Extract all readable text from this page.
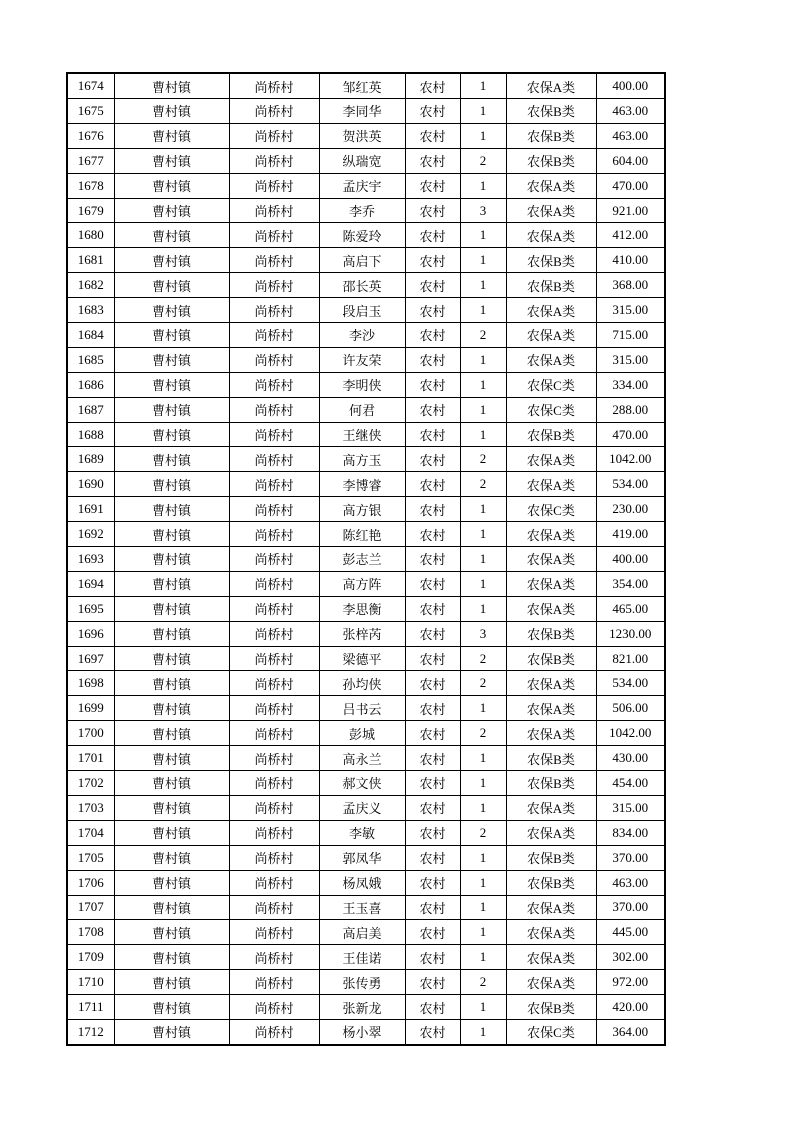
1674	曹村镇	尚桥村	邹红英	农村	1	农保A类	400.00
1675	曹村镇	尚桥村	李同华	农村	1	农保B类	463.00
1676	曹村镇	尚桥村	贺洪英	农村	1	农保B类	463.00
1677	曹村镇	尚桥村	纵瑞宽	农村	2	农保B类	604.00
1678	曹村镇	尚桥村	孟庆宇	农村	1	农保A类	470.00
1679	曹村镇	尚桥村	李乔	农村	3	农保A类	921.00
1680	曹村镇	尚桥村	陈爱玲	农村	1	农保A类	412.00
1681	曹村镇	尚桥村	高启下	农村	1	农保B类	410.00
1682	曹村镇	尚桥村	邵长英	农村	1	农保B类	368.00
1683	曹村镇	尚桥村	段启玉	农村	1	农保A类	315.00
1684	曹村镇	尚桥村	李沙	农村	2	农保A类	715.00
1685	曹村镇	尚桥村	许友荣	农村	1	农保A类	315.00
1686	曹村镇	尚桥村	李明侠	农村	1	农保C类	334.00
1687	曹村镇	尚桥村	何君	农村	1	农保C类	288.00
1688	曹村镇	尚桥村	王继侠	农村	1	农保B类	470.00
1689	曹村镇	尚桥村	高方玉	农村	2	农保A类	1042.00
1690	曹村镇	尚桥村	李博睿	农村	2	农保A类	534.00
1691	曹村镇	尚桥村	高方银	农村	1	农保C类	230.00
1692	曹村镇	尚桥村	陈红艳	农村	1	农保A类	419.00
1693	曹村镇	尚桥村	彭志兰	农村	1	农保A类	400.00
1694	曹村镇	尚桥村	高方阵	农村	1	农保A类	354.00
1695	曹村镇	尚桥村	李思衡	农村	1	农保A类	465.00
1696	曹村镇	尚桥村	张梓芮	农村	3	农保B类	1230.00
1697	曹村镇	尚桥村	梁德平	农村	2	农保B类	821.00
1698	曹村镇	尚桥村	孙均侠	农村	2	农保A类	534.00
1699	曹村镇	尚桥村	吕书云	农村	1	农保A类	506.00
1700	曹村镇	尚桥村	彭城	农村	2	农保A类	1042.00
1701	曹村镇	尚桥村	高永兰	农村	1	农保B类	430.00
1702	曹村镇	尚桥村	郝文侠	农村	1	农保B类	454.00
1703	曹村镇	尚桥村	孟庆义	农村	1	农保A类	315.00
1704	曹村镇	尚桥村	李敏	农村	2	农保A类	834.00
1705	曹村镇	尚桥村	郭凤华	农村	1	农保B类	370.00
1706	曹村镇	尚桥村	杨凤娥	农村	1	农保B类	463.00
1707	曹村镇	尚桥村	王玉喜	农村	1	农保A类	370.00
1708	曹村镇	尚桥村	高启美	农村	1	农保A类	445.00
1709	曹村镇	尚桥村	王佳诺	农村	1	农保A类	302.00
1710	曹村镇	尚桥村	张传勇	农村	2	农保A类	972.00
1711	曹村镇	尚桥村	张新龙	农村	1	农保B类	420.00
1712	曹村镇	尚桥村	杨小翠	农村	1	农保C类	364.00
